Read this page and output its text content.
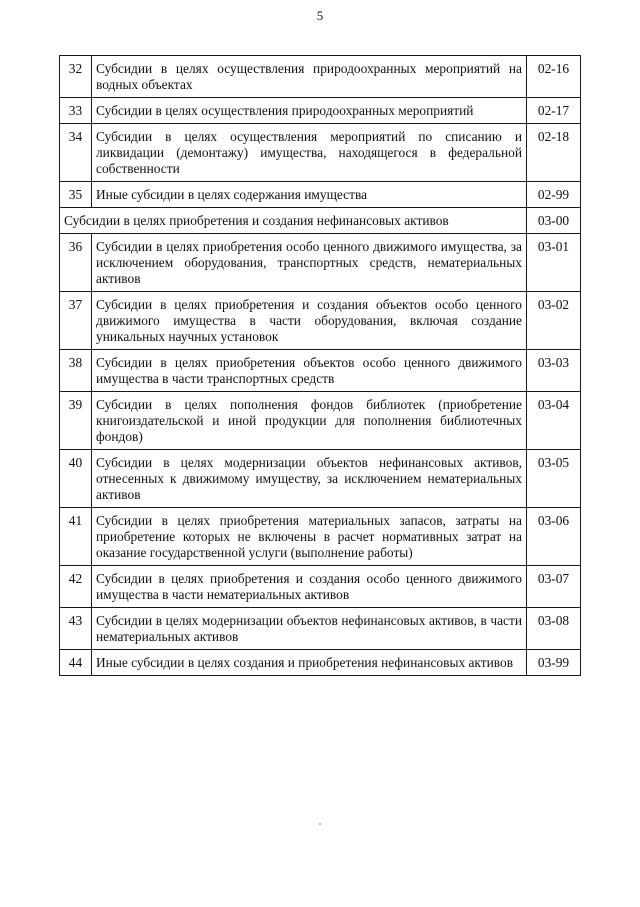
5
32	Субсидии в целях осуществления природоохранных мероприятий на водных объектах	02-16
33	Субсидии в целях осуществления природоохранных мероприятий	02-17
34	Субсидии в целях осуществления мероприятий по списанию и ликвидации (демонтажу) имущества, находящегося в федеральной собственности	02-18
35	Иные субсидии в целях содержания имущества	02-99
Субсидии в целях приобретения и создания нефинансовых активов		03-00
36	Субсидии в целях приобретения особо ценного движимого имущества, за исключением оборудования, транспортных средств, нематериальных активов	03-01
37	Субсидии в целях приобретения и создания объектов особо ценного движимого имущества в части оборудования, включая создание уникальных научных установок	03-02
38	Субсидии в целях приобретения объектов особо ценного движимого имущества в части транспортных средств	03-03
39	Субсидии в целях пополнения фондов библиотек (приобретение книгоиздательской и иной продукции для пополнения библиотечных фондов)	03-04
40	Субсидии в целях модернизации объектов нефинансовых активов, отнесенных к движимому имуществу, за исключением нематериальных активов	03-05
41	Субсидии в целях приобретения материальных запасов, затраты на приобретение которых не включены в расчет нормативных затрат на оказание государственной услуги (выполнение работы)	03-06
42	Субсидии в целях приобретения и создания особо ценного движимого имущества в части нематериальных активов	03-07
43	Субсидии в целях модернизации объектов нефинансовых активов, в части нематериальных активов	03-08
44	Иные субсидии в целях создания и приобретения нефинансовых активов	03-99
